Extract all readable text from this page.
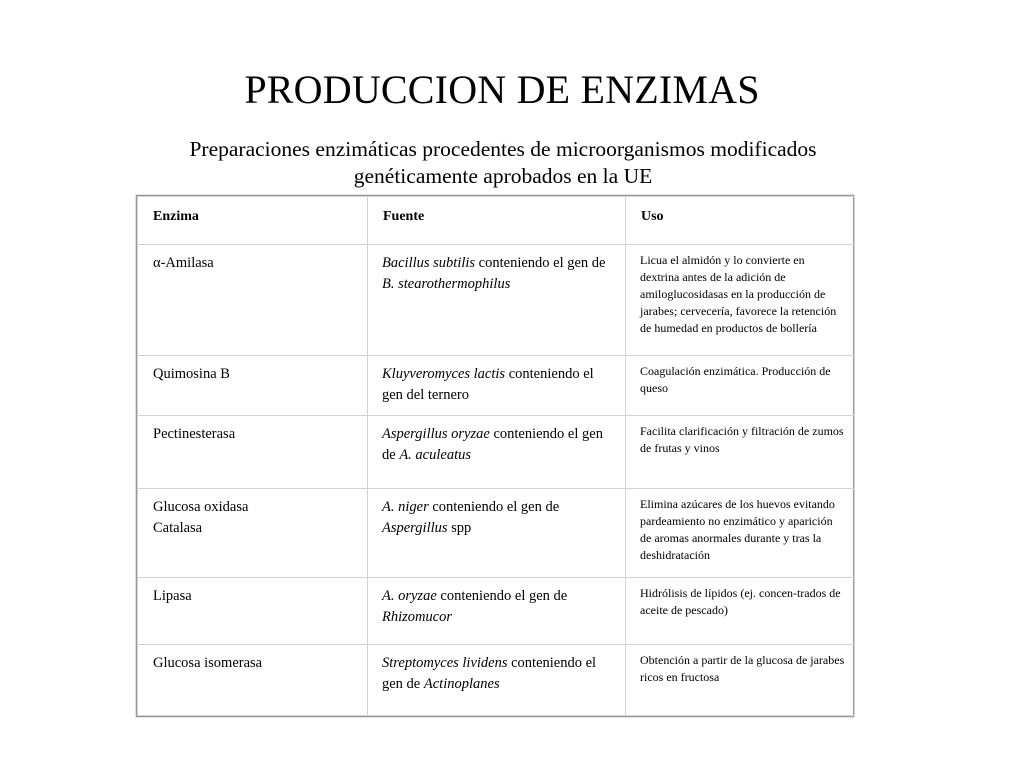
PRODUCCION DE ENZIMAS
Preparaciones enzimáticas procedentes de microorganismos modificados
genéticamente aprobados en la UE
Enzima	Fuente	Uso

α-Amilasa	Bacillus subtilis conteniendo el gen de B. stearothermophilus	Licua el almidón y lo convierte en dextrina antes de la adición de amiloglucosidasas en la producción de jarabes; cervecería, favorece la retención de humedad en productos de bollería

Quimosina B	Kluyveromyces lactis conteniendo el gen del ternero	Coagulación enzimática. Producción de queso

Pectinesterasa	Aspergillus oryzae conteniendo el gen de A. aculeatus	Facilita clarificación y filtración de zumos de frutas y vinos

Glucosa oxidasa
Catalasa	A. niger conteniendo el gen de Aspergillus spp	Elimina azúcares de los huevos evitando pardeamiento no enzimático y aparición de aromas anormales durante y tras la deshidratación

Lipasa	A. oryzae conteniendo el gen de Rhizomucor	Hidrólisis de lípidos (ej. concen-trados de aceite de pescado)

Glucosa isomerasa	Streptomyces lividens conteniendo el gen de Actinoplanes	Obtención a partir de la glucosa de jarabes ricos en fructosa
